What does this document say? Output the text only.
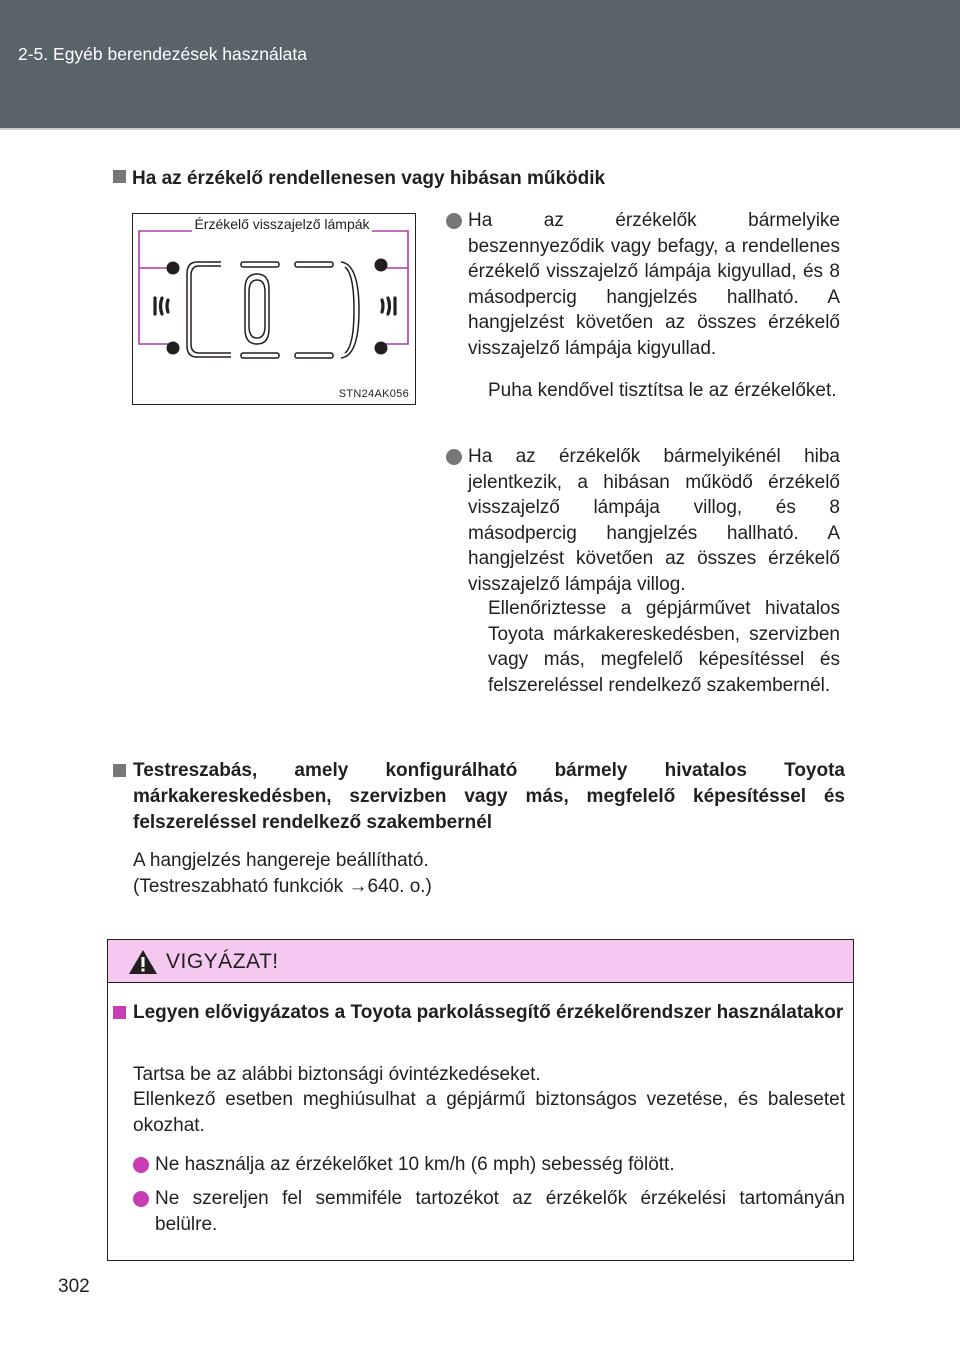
2-5. Egyéb berendezések használata
Ha az érzékelő rendellenesen vagy hibásan működik
Érzékelő visszajelző lámpák
STN24AK056
Ha az érzékelők bármelyike beszennyeződik vagy befagy, a rendellenes érzékelő visszajelző lámpája kigyullad, és 8 másodpercig hangjelzés hallható. A hangjelzést követően az összes érzékelő visszajelző lámpája kigyullad.
Puha kendővel tisztítsa le az érzékelőket.
Ha az érzékelők bármelyikénél hiba jelentkezik, a hibásan működő érzékelő visszajelző lámpája villog, és 8 másodpercig hangjelzés hallható. A hangjelzést követően az összes érzékelő visszajelző lámpája villog.
Ellenőriztesse a gépjárművet hivatalos Toyota márkakereskedésben, szervizben vagy más, megfelelő képesítéssel és felszereléssel rendelkező szakembernél.
Testreszabás, amely konfigurálható bármely hivatalos Toyota márkakereskedésben, szervizben vagy más, megfelelő képesítéssel és felszereléssel rendelkező szakembernél
A hangjelzés hangereje beállítható.
(Testreszabható funkciók →640. o.)
VIGYÁZAT!
Legyen elővigyázatos a Toyota parkolássegítő érzékelőrendszer használatakor
Tartsa be az alábbi biztonsági óvintézkedéseket.
Ellenkező esetben meghiúsulhat a gépjármű biztonságos vezetése, és balesetet okozhat.
Ne használja az érzékelőket 10 km/h (6 mph) sebesség fölött.
Ne szereljen fel semmiféle tartozékot az érzékelők érzékelési tartományán belülre.
302
